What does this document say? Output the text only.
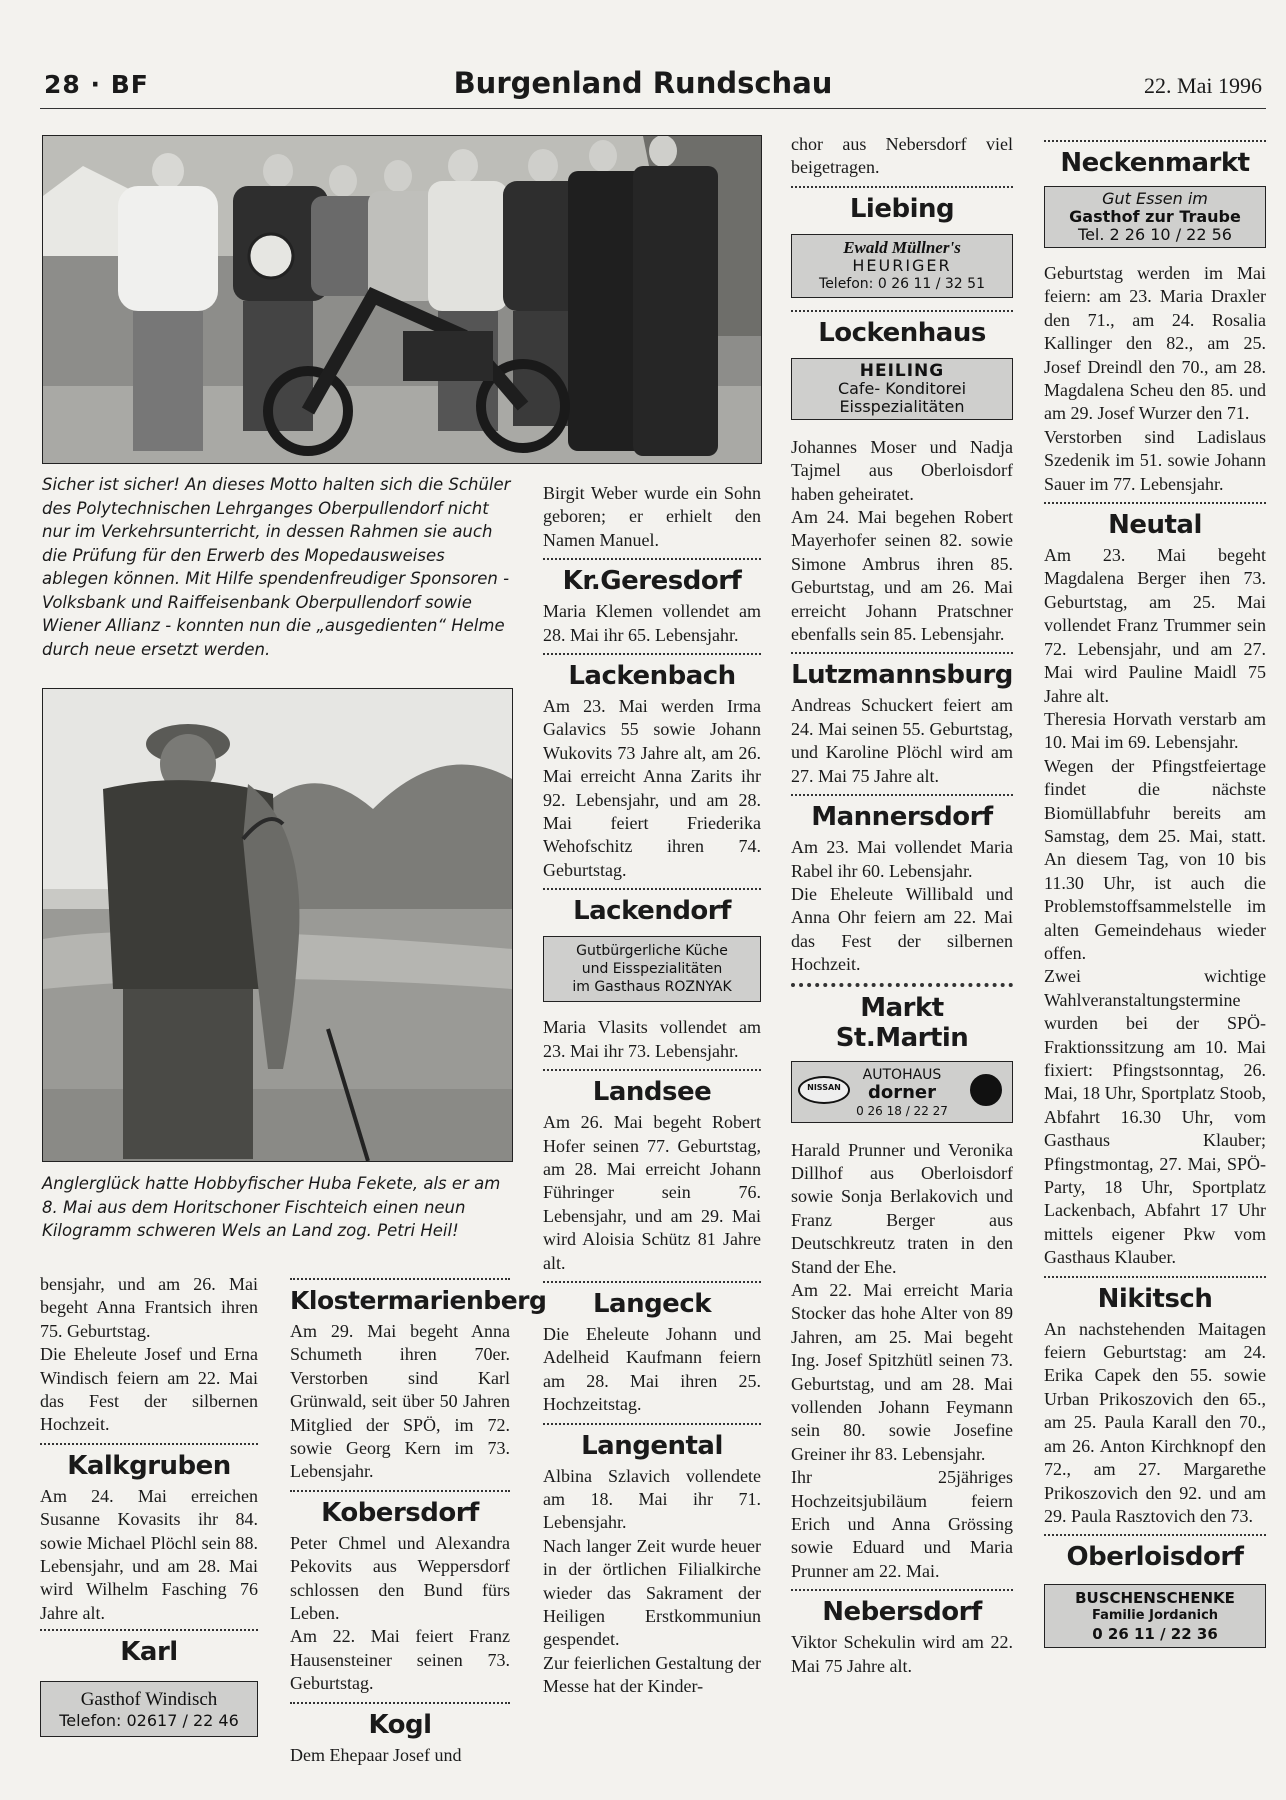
28 · BF	Burgenland Rundschau	22. Mai 1996
Sicher ist sicher! An dieses Motto halten sich die Schüler des Polytechnischen Lehrganges Oberpullendorf nicht nur im Verkehrsunterricht, in dessen Rahmen sie auch die Prüfung für den Erwerb des Mopedausweises ablegen können. Mit Hilfe spendenfreudiger Sponsoren - Volksbank und Raiffeisenbank Oberpullendorf sowie Wiener Allianz - konnten nun die „ausgedienten“ Helme durch neue ersetzt werden.
Anglerglück hatte Hobbyfischer Huba Fekete, als er am 8. Mai aus dem Horitschoner Fischteich einen neun Kilogramm schweren Wels an Land zog. Petri Heil!

bensjahr, und am 26. Mai begeht Anna Frantsich ihren 75. Geburtstag.

Die Eheleute Josef und Erna Windisch feiern am 22. Mai das Fest der silbernen Hochzeit.

Kalkgruben

Am 24. Mai erreichen Susanne Kovasits ihr 84. sowie Michael Plöchl sein 88. Lebensjahr, und am 28. Mai wird Wilhelm Fasching 76 Jahre alt.

Karl
Gasthof Windisch
Telefon: 02617 / 22 46
Klostermarienberg

Am 29. Mai begeht Anna Schumeth ihren 70er. Verstorben sind Karl Grünwald, seit über 50 Jahren Mitglied der SPÖ, im 72. sowie Georg Kern im 73. Lebensjahr.

Kobersdorf

Peter Chmel und Alexandra Pekovits aus Weppersdorf schlossen den Bund fürs Leben.

Am 22. Mai feiert Franz Hausensteiner seinen 73. Geburtstag.

Kogl

Dem Ehepaar Josef und

Birgit Weber wurde ein Sohn geboren; er erhielt den Namen Manuel.

Kr.Geresdorf

Maria Klemen vollendet am 28. Mai ihr 65. Lebensjahr.

Lackenbach

Am 23. Mai werden Irma Galavics 55 sowie Johann Wukovits 73 Jahre alt, am 26. Mai erreicht Anna Zarits ihr 92. Lebensjahr, und am 28. Mai feiert Friederika Wehofschitz ihren 74. Geburtstag.

Lackendorf
Gutbürgerliche Küche
und Eisspezialitäten
im Gasthaus ROZNYAK

Maria Vlasits vollendet am 23. Mai ihr 73. Lebensjahr.

Landsee

Am 26. Mai begeht Robert Hofer seinen 77. Geburtstag, am 28. Mai erreicht Johann Führinger sein 76. Lebensjahr, und am 29. Mai wird Aloisia Schütz 81 Jahre alt.

Langeck

Die Eheleute Johann und Adelheid Kaufmann feiern am 28. Mai ihren 25. Hochzeitstag.

Langental

Albina Szlavich vollendete am 18. Mai ihr 71. Lebensjahr.

Nach langer Zeit wurde heuer in der örtlichen Filialkirche wieder das Sakrament der Heiligen Erstkommuniun gespendet.

Zur feierlichen Gestaltung der Messe hat der Kinder-

chor aus Nebersdorf viel beigetragen.

Liebing
Ewald Müllner's
HEURIGER
Telefon: 0 26 11 / 32 51
Lockenhaus
HEILING
Cafe- Konditorei
Eisspezialitäten

Johannes Moser und Nadja Tajmel aus Oberloisdorf haben geheiratet.

Am 24. Mai begehen Robert Mayerhofer seinen 82. sowie Simone Ambrus ihren 85. Geburtstag, und am 26. Mai erreicht Johann Pratschner ebenfalls sein 85. Lebensjahr.

Lutzmannsburg

Andreas Schuckert feiert am 24. Mai seinen 55. Geburtstag, und Karoline Plöchl wird am 27. Mai 75 Jahre alt.

Mannersdorf

Am 23. Mai vollendet Maria Rabel ihr 60. Lebensjahr.

Die Eheleute Willibald und Anna Ohr feiern am 22. Mai das Fest der silbernen Hochzeit.

Markt St.Martin
NISSAN
AUTOHAUS
dorner
0 26 18 / 22 27

Harald Prunner und Veronika Dillhof aus Oberloisdorf sowie Sonja Berlakovich und Franz Berger aus Deutschkreutz traten in den Stand der Ehe.

Am 22. Mai erreicht Maria Stocker das hohe Alter von 89 Jahren, am 25. Mai begeht Ing. Josef Spitzhütl seinen 73. Geburtstag, und am 28. Mai vollenden Johann Feymann sein 80. sowie Josefine Greiner ihr 83. Lebensjahr.

Ihr 25jähriges Hochzeitsjubiläum feiern Erich und Anna Grössing sowie Eduard und Maria Prunner am 22. Mai.

Nebersdorf

Viktor Schekulin wird am 22. Mai 75 Jahre alt.

Neckenmarkt
Gut Essen im
Gasthof zur Traube
Tel. 2 26 10 / 22 56

Geburtstag werden im Mai feiern: am 23. Maria Draxler den 71., am 24. Rosalia Kallinger den 82., am 25. Josef Dreindl den 70., am 28. Magdalena Scheu den 85. und am 29. Josef Wurzer den 71.

Verstorben sind Ladislaus Szedenik im 51. sowie Johann Sauer im 77. Lebensjahr.

Neutal

Am 23. Mai begeht Magdalena Berger ihen 73. Geburtstag, am 25. Mai vollendet Franz Trummer sein 72. Lebensjahr, und am 27. Mai wird Pauline Maidl 75 Jahre alt.

Theresia Horvath verstarb am 10. Mai im 69. Lebensjahr.

Wegen der Pfingstfeiertage findet die nächste Biomüllabfuhr bereits am Samstag, dem 25. Mai, statt. An diesem Tag, von 10 bis 11.30 Uhr, ist auch die Problemstoffsammelstelle im alten Gemeindehaus wieder offen.

Zwei wichtige Wahlveranstaltungstermine wurden bei der SPÖ-Fraktionssitzung am 10. Mai fixiert: Pfingstsonntag, 26. Mai, 18 Uhr, Sportplatz Stoob, Abfahrt 16.30 Uhr, vom Gasthaus Klauber; Pfingstmontag, 27. Mai, SPÖ-Party, 18 Uhr, Sportplatz Lackenbach, Abfahrt 17 Uhr mittels eigener Pkw vom Gasthaus Klauber.

Nikitsch

An nachstehenden Maitagen feiern Geburtstag: am 24. Erika Capek den 55. sowie Urban Prikoszovich den 65., am 25. Paula Karall den 70., am 26. Anton Kirchknopf den 72., am 27. Margarethe Prikoszovich den 92. und am 29. Paula Rasztovich den 73.

Oberloisdorf
BUSCHENSCHENKE
Familie Jordanich
0 26 11 / 22 36
